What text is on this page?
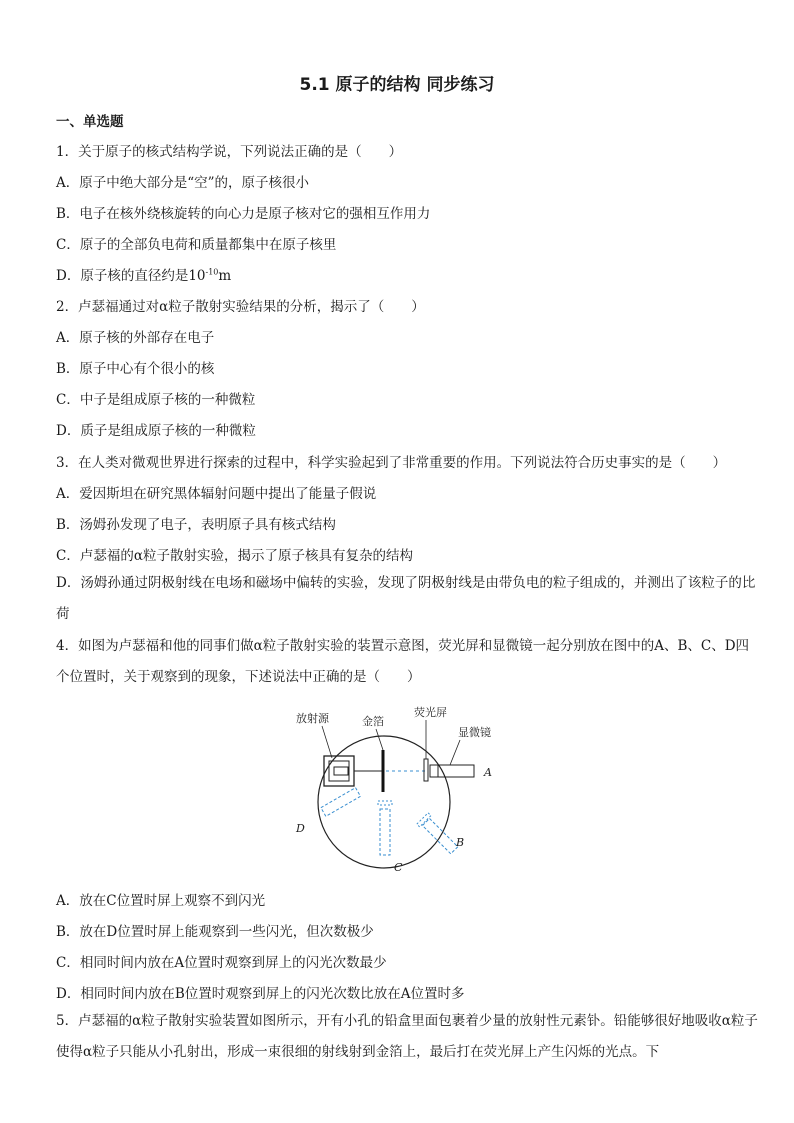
5.1 原子的结构 同步练习
一、单选题
1．关于原子的核式结构学说，下列说法正确的是（　　）
A．原子中绝大部分是“空”的，原子核很小
B．电子在核外绕核旋转的向心力是原子核对它的强相互作用力
C．原子的全部负电荷和质量都集中在原子核里
D．原子核的直径约是$10^{-10}m$
2．卢瑟福通过对α粒子散射实验结果的分析，揭示了（　　）
A．原子核的外部存在电子
B．原子中心有个很小的核
C．中子是组成原子核的一种微粒
D．质子是组成原子核的一种微粒
3．在人类对微观世界进行探索的过程中，科学实验起到了非常重要的作用。下列说法符合历史事实的是（　　）
A．爱因斯坦在研究黑体辐射问题中提出了能量子假说
B．汤姆孙发现了电子，表明原子具有核式结构
C．卢瑟福的α粒子散射实验，揭示了原子核具有复杂的结构
D．汤姆孙通过阴极射线在电场和磁场中偏转的实验，发现了阴极射线是由带负电的粒子组成的，并测出了该粒子的比荷
4．如图为卢瑟福和他的同事们做α粒子散射实验的装置示意图，荧光屏和显微镜一起分别放在图中的A、B、C、D四个位置时，关于观察到的现象，下述说法中正确的是（　　）
放射源	金箔
荧光屏
显微镜
A
B
C
D
A．放在C位置时屏上观察不到闪光
B．放在D位置时屏上能观察到一些闪光，但次数极少
C．相同时间内放在A位置时观察到屏上的闪光次数最少
D．相同时间内放在B位置时观察到屏上的闪光次数比放在A位置时多
5．卢瑟福的α粒子散射实验装置如图所示，开有小孔的铅盒里面包裹着少量的放射性元素钋。铅能够很好地吸收α粒子使得α粒子只能从小孔射出，形成一束很细的射线射到金箔上，最后打在荧光屏上产生闪烁的光点。下
